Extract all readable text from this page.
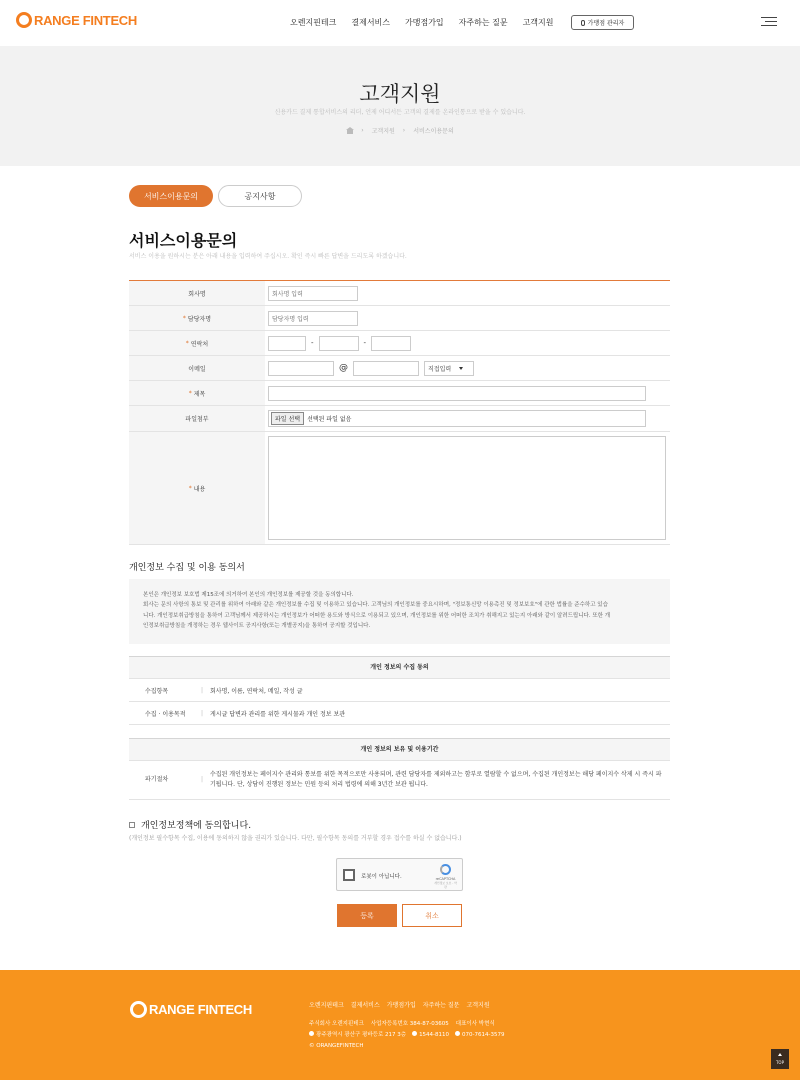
RANGE FINTECH	오렌지핀테크 결제서비스 가맹점가입 자주하는 질문 고객지원	가맹점 관리자
고객지원

신용카드 결제 통합서비스의 리더, 언제 어디서든 고객의 결제를 온라인통으로 받을 수 있습니다.

› 고객지원 › 서비스이용문의
서비스이용문의	공지사항
서비스이용문의
서비스 이용을 원하시는 분은 아래 내용을 입력하여 주십시오. 확인 즉시 빠른 답변을 드리도록 하겠습니다.
회사명	회사명 입력
* 담당자명	담당자명 입력
* 연락처	-	-
이메일	@	직접입력
* 제목
파일첨부	파일 선택	선택된 파일 없음
* 내용
개인정보 수집 및 이용 동의서
본인은 개인정보 보호법 제15조에 의거하여 본인의 개인정보를 제공할 것을 동의합니다.
회사는 문의 사항의 통보 및 관리를 위하여 아래와 같은 개인정보를 수집 및 이용하고 있습니다. 고객님의 개인정보를 중요시하며, "정보통신망 이용촉진 및 정보보호"에 관한 법률을 준수하고 있습
니다. 개인정보취급방침을 통하여 고객님께서 제공하시는 개인정보가 어떠한 용도와 방식으로 이용되고 있으며, 개인정보를 위한 어떠한 조치가 취해지고 있는지 아래와 같이 알려드립니다. 또한 개
인정보취급방침을 개정하는 경우 웹사이트 공지사항(또는 개별공지)을 통하여 공지할 것입니다.
개인 정보의 수집 동의
수집항목	|	회사명, 이름, 연락처, 메일, 작성 글
수집 · 이용목적	|	게시글 답변과 관리를 위한 게시물과 개인 정보 보관
개인 정보의 보유 및 이용기간
파기절차	|
수집된 개인정보는 페이지수 관리와 통보를 위한 목적으로만 사용되며, 관련 담당자를 제외하고는 함부로 열람할 수 없으며, 수집된 개인정보는 해당 페이지수 삭제 시 즉시 파기됩니다. 단, 상담이 진행된 정보는 민원 등의 처리 법령에 의해 3년간 보관 됩니다.
개인정보정책에 동의합니다.
(개인정보 필수항목 수집, 이용에 동의하지 않을 권리가 있습니다. 다만, 필수항목 동의를 거부할 경우 접수를 하실 수 없습니다.)
로봇이 아닙니다.	reCAPTCHA
개인정보 보호 - 약관
등록	취소
RANGE FINTECH	오렌지핀테크 결제서비스 가맹점가입 자주하는 질문 고객지원
주식회사 오렌지핀테크    사업자등록번호 384-87-03605    대표이사 박현식
광주광역시 광산구 평바등로 217 3층	1544-8110	070-7614-3579
© ORANGEFINTECH
TOP
